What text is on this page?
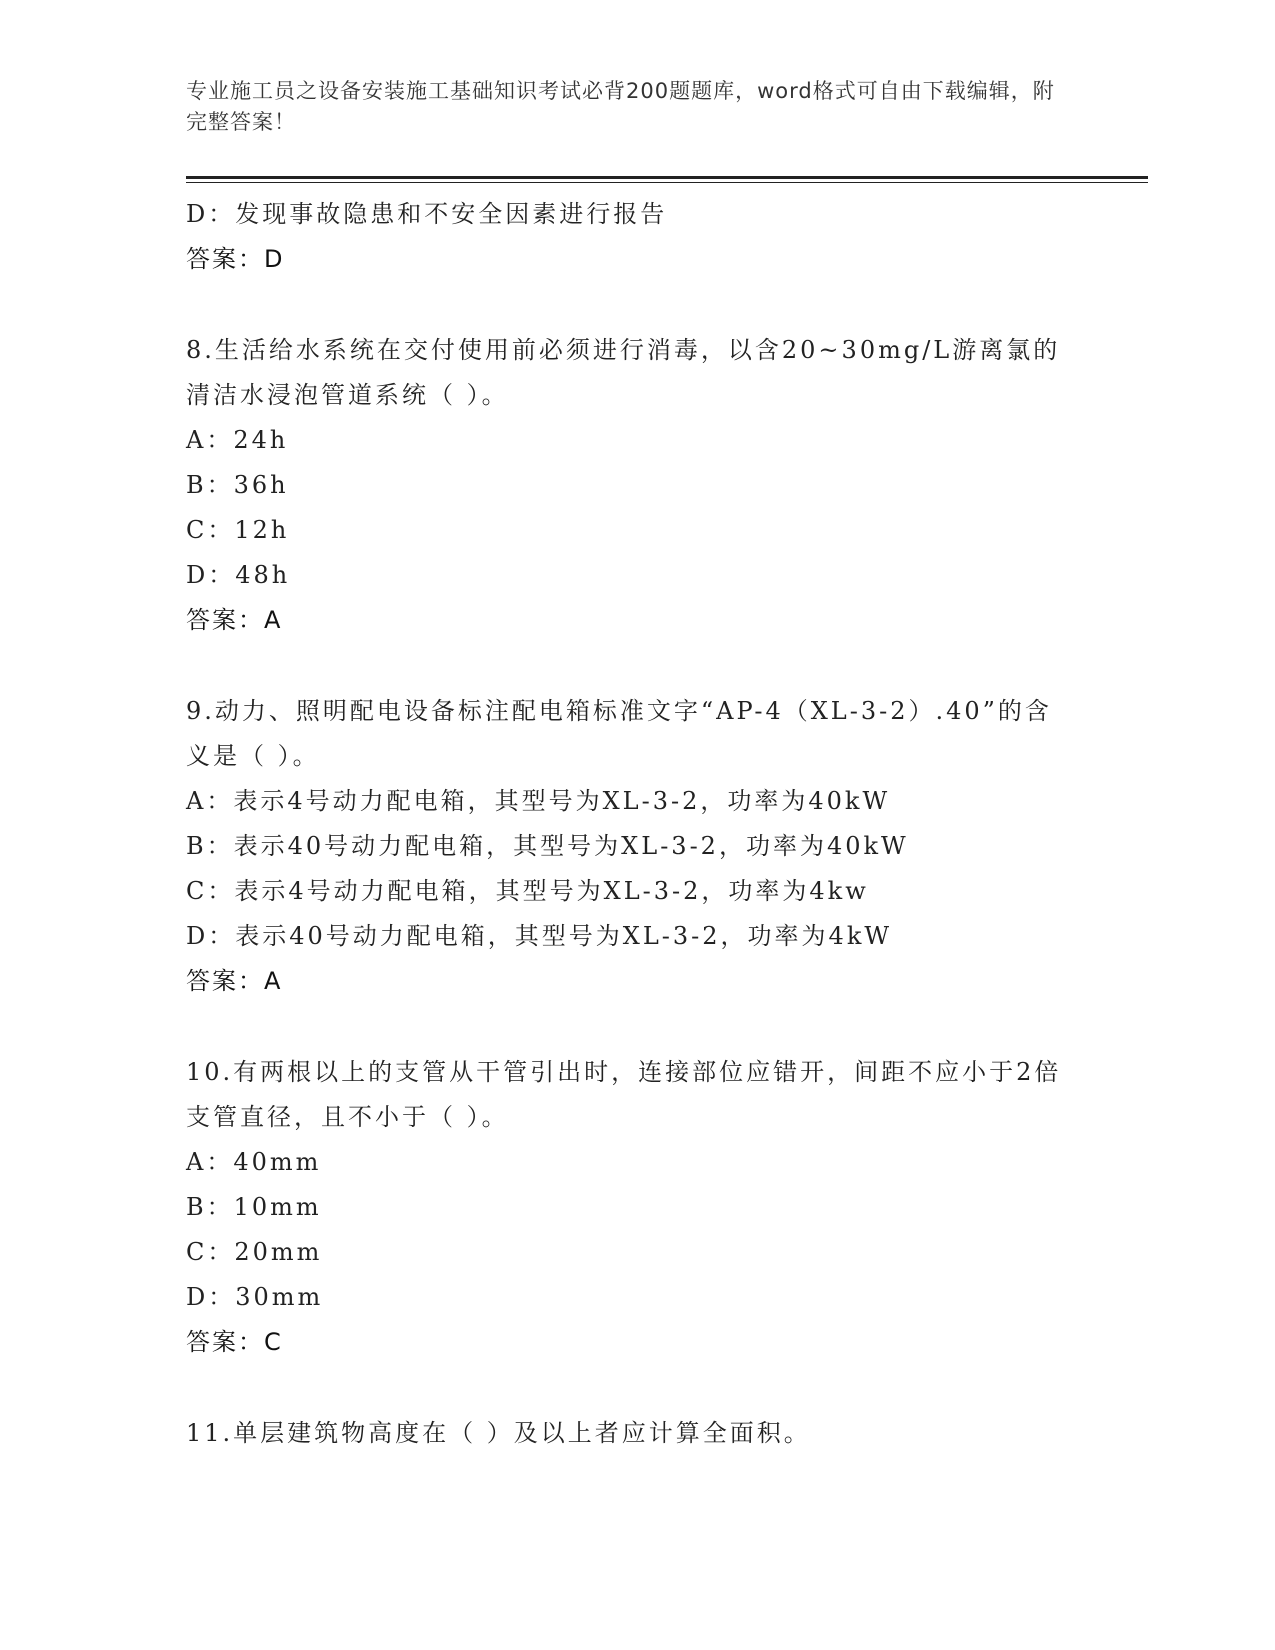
专业施工员之设备安装施工基础知识考试必背200题题库，word格式可自由下载编辑，附完整答案！
D：发现事故隐患和不安全因素进行报告
答案：D
8.生活给水系统在交付使用前必须进行消毒，以含20~30mg/L游离氯的清洁水浸泡管道系统（ ）。
A：24h
B：36h
C：12h
D：48h
答案：A
9.动力、照明配电设备标注配电箱标准文字“AP-4（XL-3-2）.40”的含义是（ ）。
A：表示4号动力配电箱，其型号为XL-3-2，功率为40kW
B：表示40号动力配电箱，其型号为XL-3-2，功率为40kW
C：表示4号动力配电箱，其型号为XL-3-2，功率为4kw
D：表示40号动力配电箱，其型号为XL-3-2，功率为4kW
答案：A
10.有两根以上的支管从干管引出时，连接部位应错开，间距不应小于2倍支管直径，且不小于（ ）。
A：40mm
B：10mm
C：20mm
D：30mm
答案：C
11.单层建筑物高度在（ ）及以上者应计算全面积。
